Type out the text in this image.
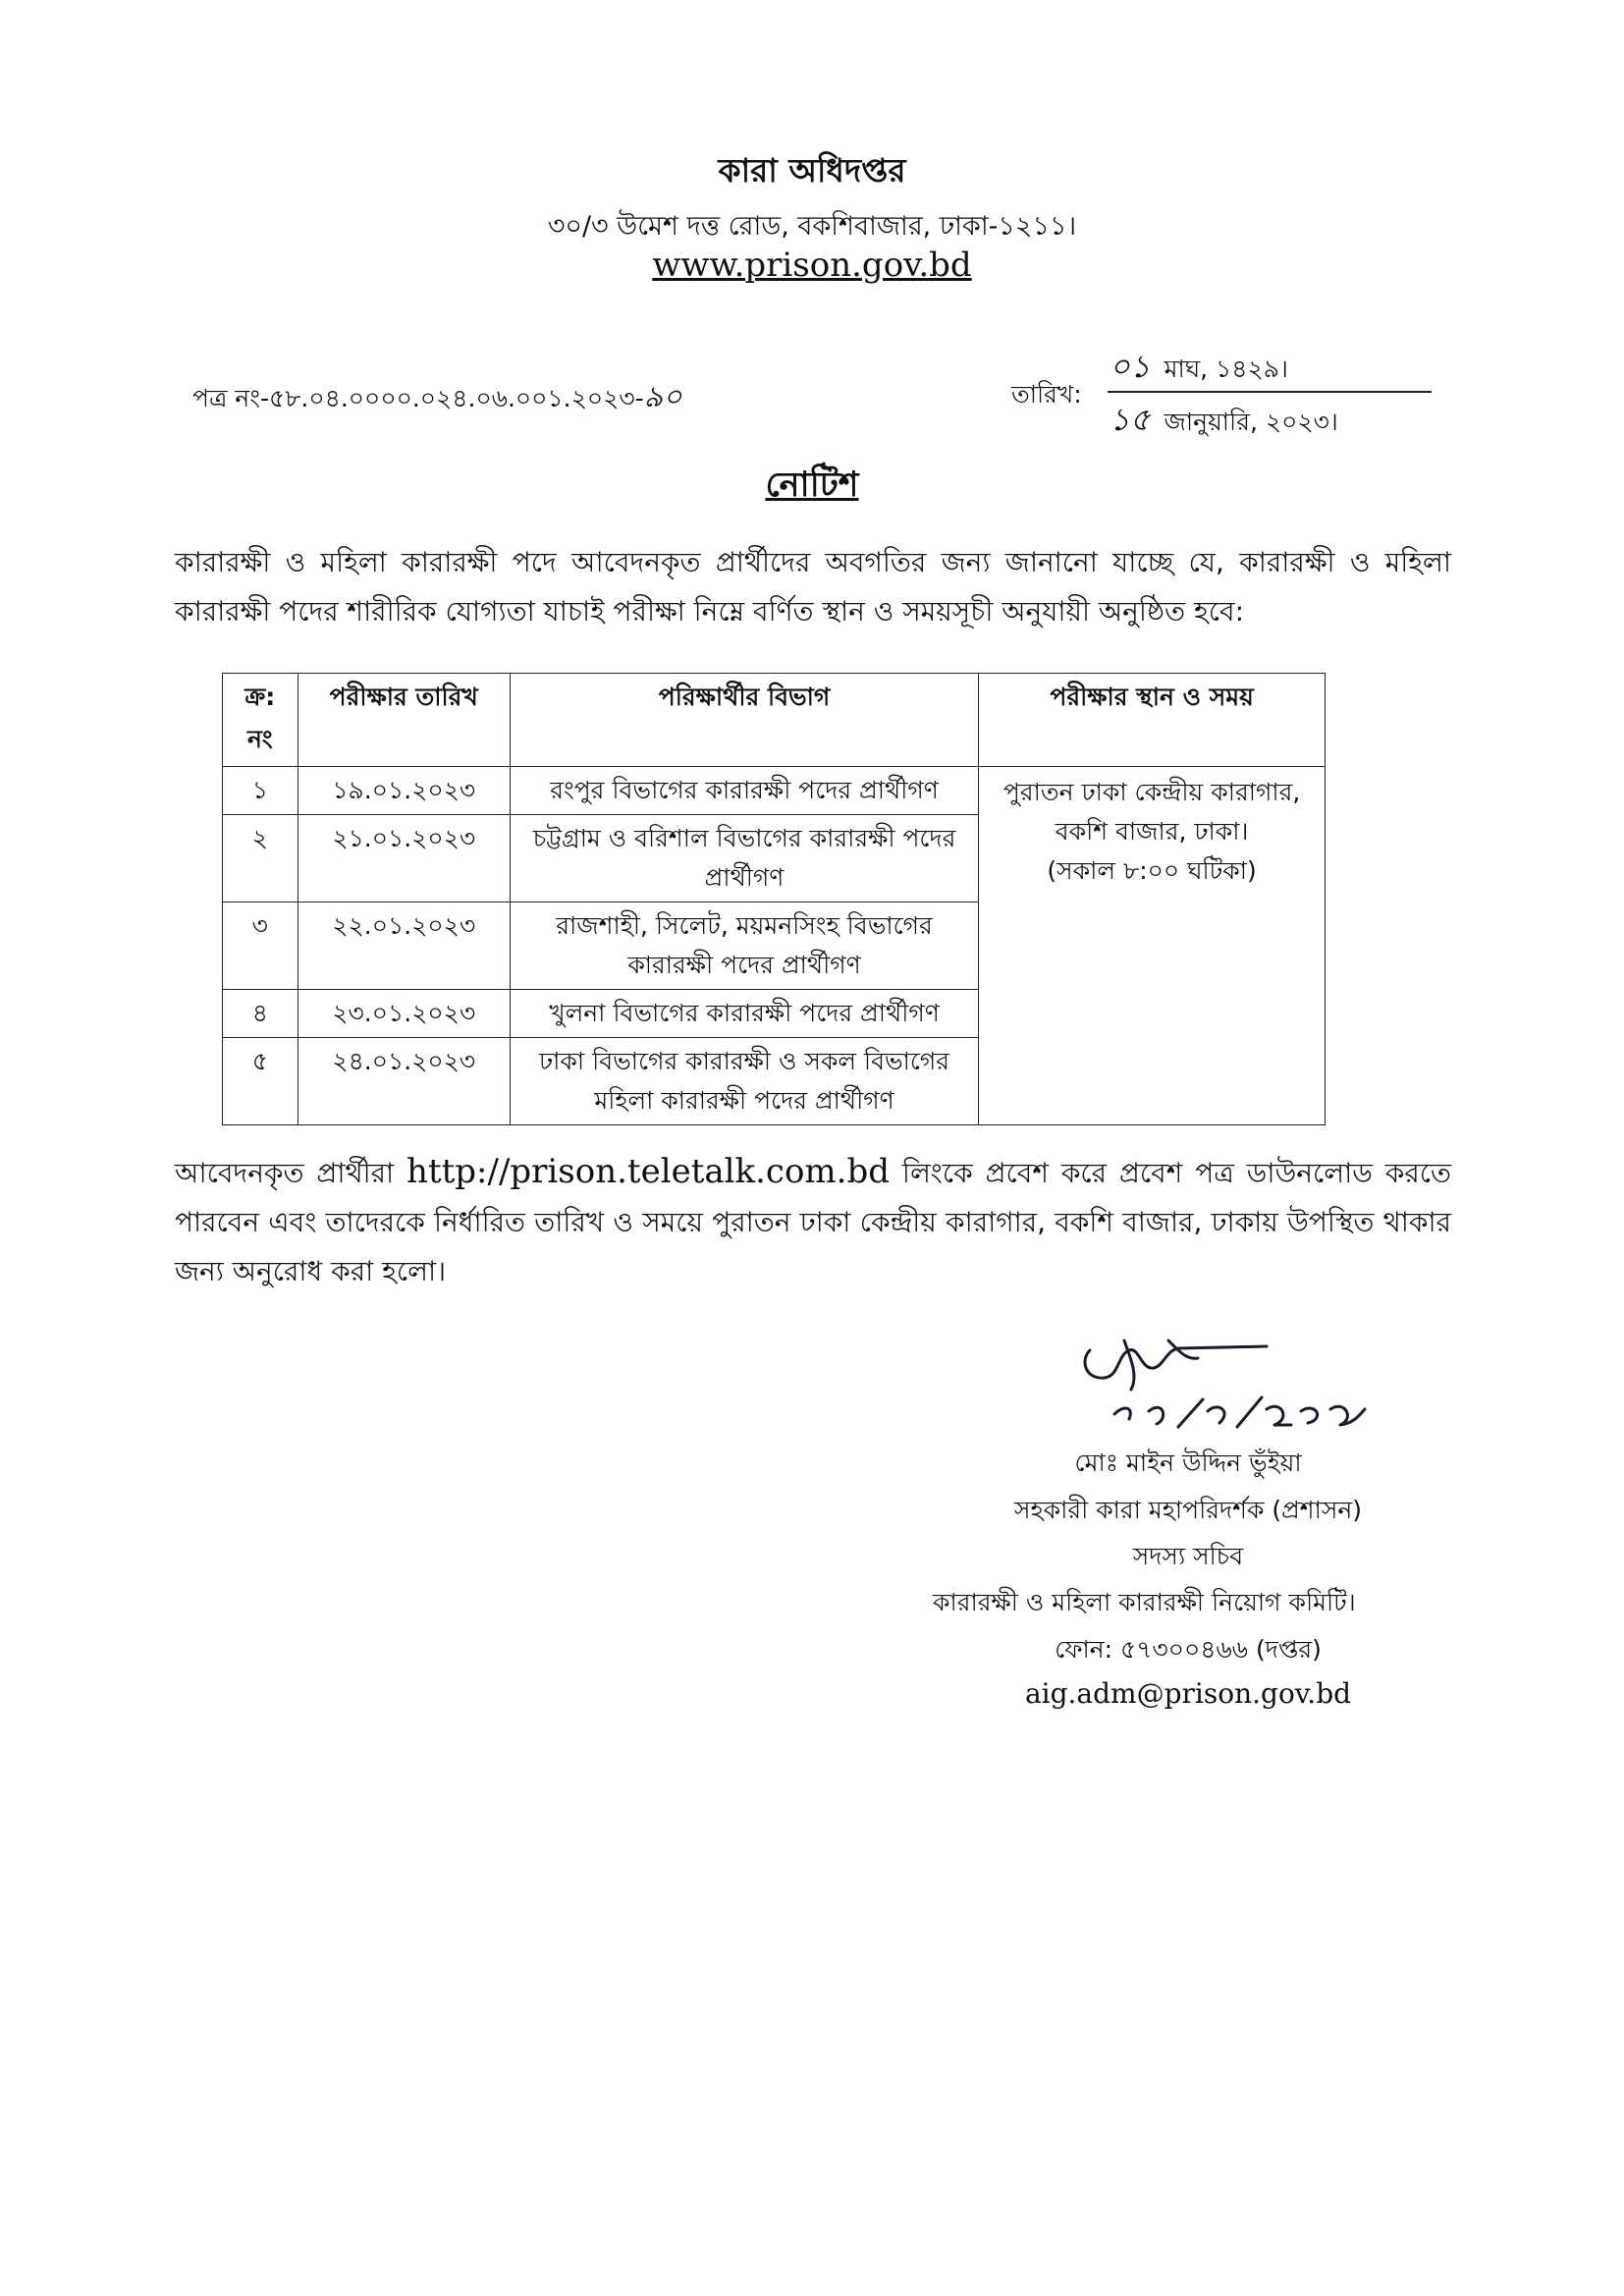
কারা অধিদপ্তর
৩০/৩ উমেশ দত্ত রোড, বকশিবাজার, ঢাকা-১২১১।
www.prison.gov.bd
পত্র নং-৫৮.০৪.০০০০.০২৪.০৬.০০১.২০২৩-৯০	তারিখ:
০১ মাঘ, ১৪২৯।
১৫ জানুয়ারি, ২০২৩।
নোটিশ
কারারক্ষী ও মহিলা কারারক্ষী পদে আবেদনকৃত প্রার্থীদের অবগতির জন্য জানানো যাচ্ছে যে, কারারক্ষী ও মহিলা কারারক্ষী পদের শারীরিক যোগ্যতা যাচাই পরীক্ষা নিম্নে বর্ণিত স্থান ও সময়সূচী অনুযায়ী অনুষ্ঠিত হবে:
ক্র: নং	পরীক্ষার তারিখ	পরিক্ষার্থীর বিভাগ	পরীক্ষার স্থান ও সময়
১	১৯.০১.২০২৩	রংপুর বিভাগের কারারক্ষী পদের প্রার্থীগণ	পুরাতন ঢাকা কেন্দ্রীয় কারাগার, বকশি বাজার, ঢাকা।
(সকাল ৮:০০ ঘটিকা)

২	২১.০১.২০২৩	চট্টগ্রাম ও বরিশাল বিভাগের কারারক্ষী পদের প্রার্থীগণ	
৩	২২.০১.২০২৩	রাজশাহী, সিলেট, ময়মনসিংহ বিভাগের কারারক্ষী পদের প্রার্থীগণ	
৪	২৩.০১.২০২৩	খুলনা বিভাগের কারারক্ষী পদের প্রার্থীগণ	
৫	২৪.০১.২০২৩	ঢাকা বিভাগের কারারক্ষী ও সকল বিভাগের মহিলা কারারক্ষী পদের প্রার্থীগণ	
আবেদনকৃত প্রার্থীরা http://prison.teletalk.com.bd লিংকে প্রবেশ করে প্রবেশ পত্র ডাউনলোড করতে পারবেন এবং তাদেরকে নির্ধারিত তারিখ ও সময়ে পুরাতন ঢাকা কেন্দ্রীয় কারাগার, বকশি বাজার, ঢাকায় উপস্থিত থাকার জন্য অনুরোধ করা হলো।
মোঃ মাইন উদ্দিন ভুঁইয়া
সহকারী কারা মহাপরিদর্শক (প্রশাসন)
সদস্য সচিব
কারারক্ষী ও মহিলা কারারক্ষী নিয়োগ কমিটি।
ফোন: ৫৭৩০০৪৬৬ (দপ্তর)
aig.adm@prison.gov.bd
